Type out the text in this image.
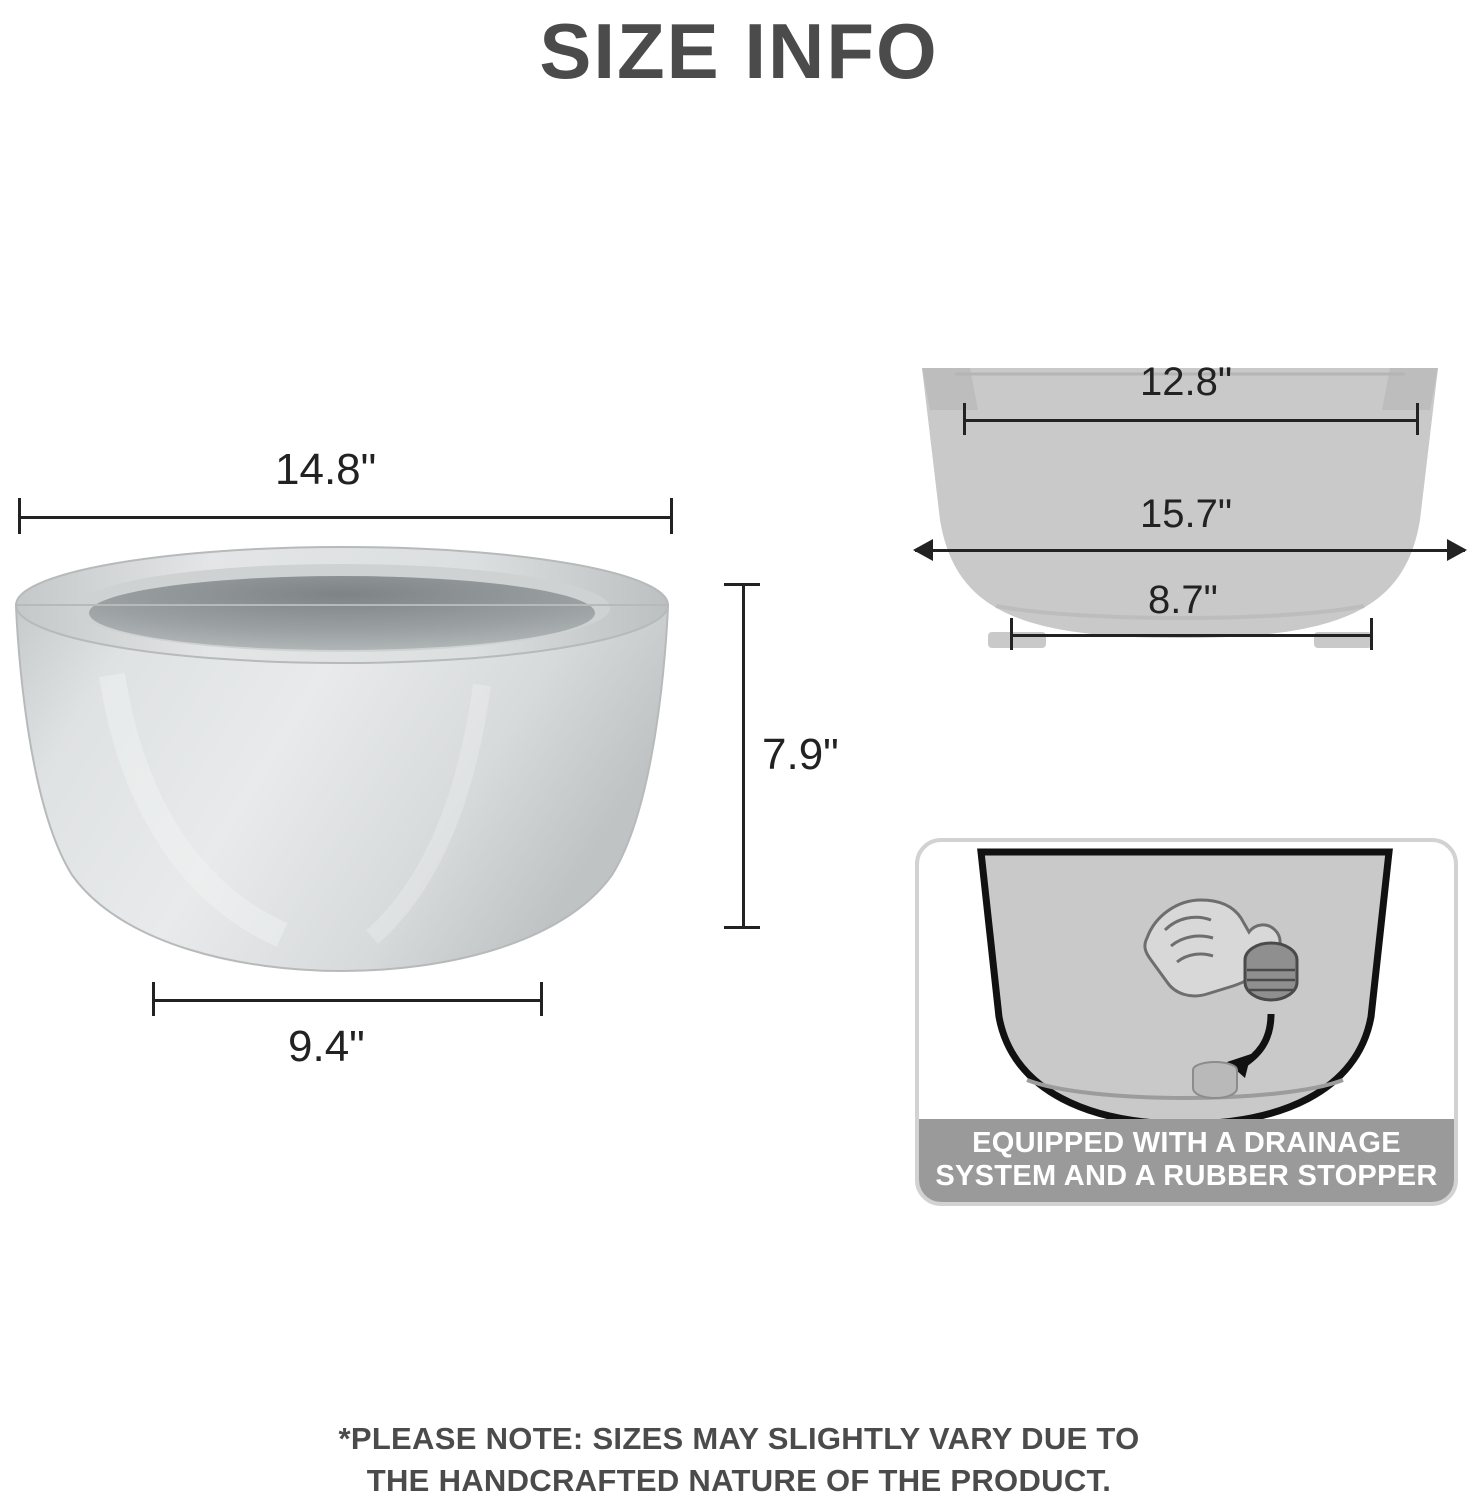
SIZE INFO
14.8"
7.9"
9.4"
12.8"
15.7"
8.7"
EQUIPPED WITH A DRAINAGE
SYSTEM AND A RUBBER STOPPER
*PLEASE NOTE: SIZES MAY SLIGHTLY VARY DUE TO
THE HANDCRAFTED NATURE OF THE PRODUCT.
